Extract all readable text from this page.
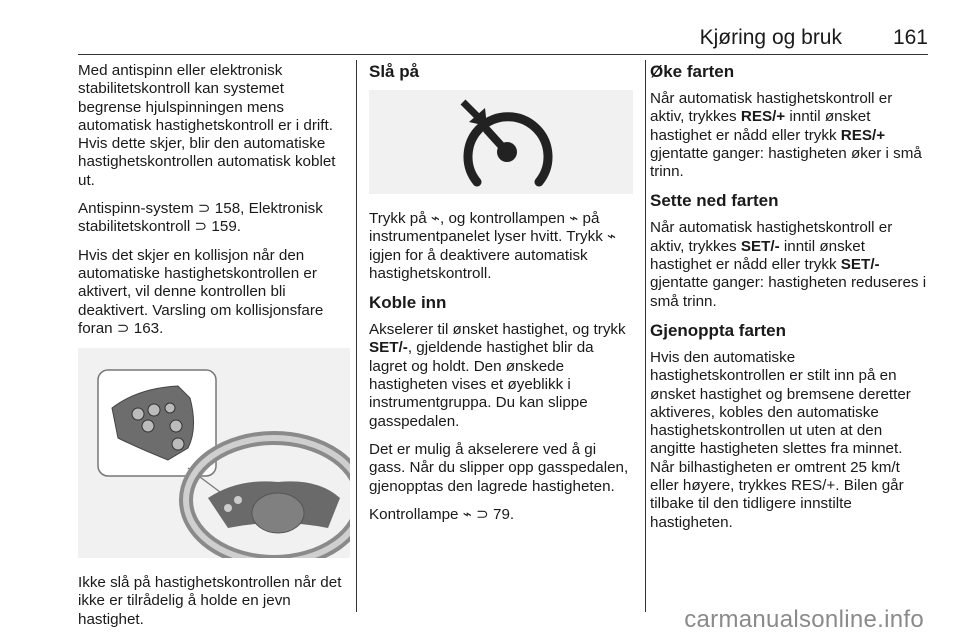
Kjøring og bruk 161

Med antispinn eller elektronisk stabilitetskontroll kan systemet begrense hjulspinningen mens automatisk hastighetskontroll er i drift. Hvis dette skjer, blir den automatiske hastighetskontrollen automatisk koblet ut.

Antispinn-system ⊃ 158, Elektronisk stabilitetskontroll ⊃ 159.

Hvis det skjer en kollisjon når den automatiske hastighetskontrollen er aktivert, vil denne kontrollen bli deaktivert. Varsling om kollisjonsfare foran ⊃ 163.

Ikke slå på hastighetskontrollen når det ikke er tilrådelig å holde en jevn hastighet.

Slå på

Trykk på ⌁, og kontrollampen ⌁ på instrumentpanelet lyser hvitt. Trykk ⌁ igjen for å deaktivere automatisk hastighetskontroll.

Koble inn

Akselerer til ønsket hastighet, og trykk SET/-, gjeldende hastighet blir da lagret og holdt. Den ønskede hastigheten vises et øyeblikk i instrumentgruppa. Du kan slippe gasspedalen.

Det er mulig å akselerere ved å gi gass. Når du slipper opp gasspedalen, gjenopptas den lagrede hastigheten.

Kontrollampe ⌁ ⊃ 79.

Øke farten

Når automatisk hastighetskontroll er aktiv, trykkes RES/+ inntil ønsket hastighet er nådd eller trykk RES/+ gjentatte ganger: hastigheten øker i små trinn.

Sette ned farten

Når automatisk hastighetskontroll er aktiv, trykkes SET/- inntil ønsket hastighet er nådd eller trykk SET/- gjentatte ganger: hastigheten reduseres i små trinn.

Gjenoppta farten

Hvis den automatiske hastighetskontrollen er stilt inn på en ønsket hastighet og bremsene deretter aktiveres, kobles den automatiske hastighetskontrollen ut uten at den angitte hastigheten slettes fra minnet. Når bilhastigheten er omtrent 25 km/t eller høyere, trykkes RES/+. Bilen går tilbake til den tidligere innstilte hastigheten.

carmanualsonline.info
